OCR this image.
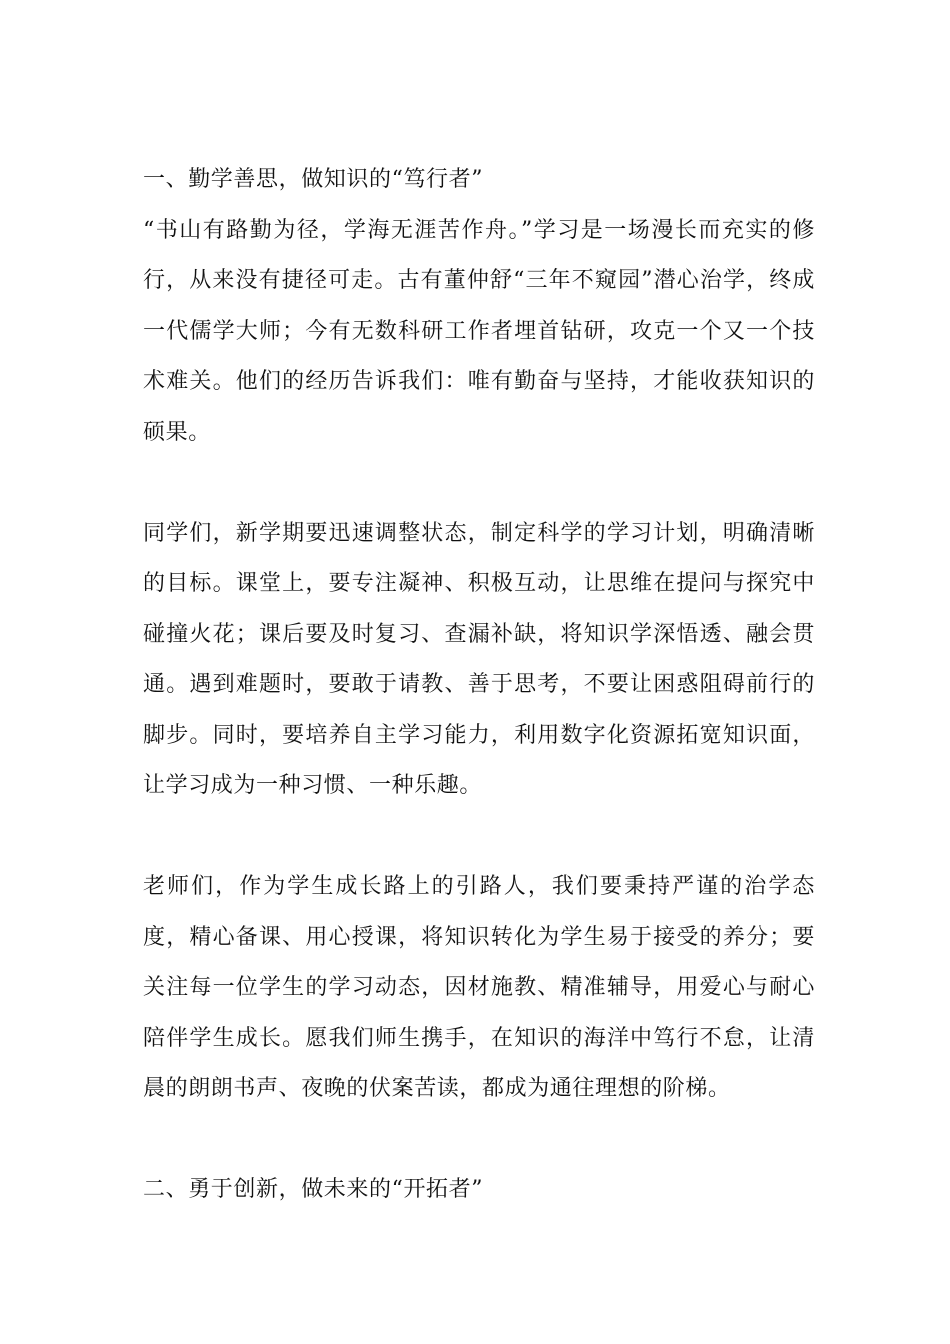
一、勤学善思，做知识的“笃行者”

“书山有路勤为径，学海无涯苦作舟。”学习是一场漫长而充实的修行，从来没有捷径可走。古有董仲舒“三年不窥园”潜心治学，终成一代儒学大师；今有无数科研工作者埋首钻研，攻克一个又一个技术难关。他们的经历告诉我们：唯有勤奋与坚持，才能收获知识的硕果。

同学们，新学期要迅速调整状态，制定科学的学习计划，明确清晰的目标。课堂上，要专注凝神、积极互动，让思维在提问与探究中碰撞火花；课后要及时复习、查漏补缺，将知识学深悟透、融会贯通。遇到难题时，要敢于请教、善于思考，不要让困惑阻碍前行的脚步。同时，要培养自主学习能力，利用数字化资源拓宽知识面，让学习成为一种习惯、一种乐趣。

老师们，作为学生成长路上的引路人，我们要秉持严谨的治学态度，精心备课、用心授课，将知识转化为学生易于接受的养分；要关注每一位学生的学习动态，因材施教、精准辅导，用爱心与耐心陪伴学生成长。愿我们师生携手，在知识的海洋中笃行不怠，让清晨的朗朗书声、夜晚的伏案苦读，都成为通往理想的阶梯。

二、勇于创新，做未来的“开拓者”
